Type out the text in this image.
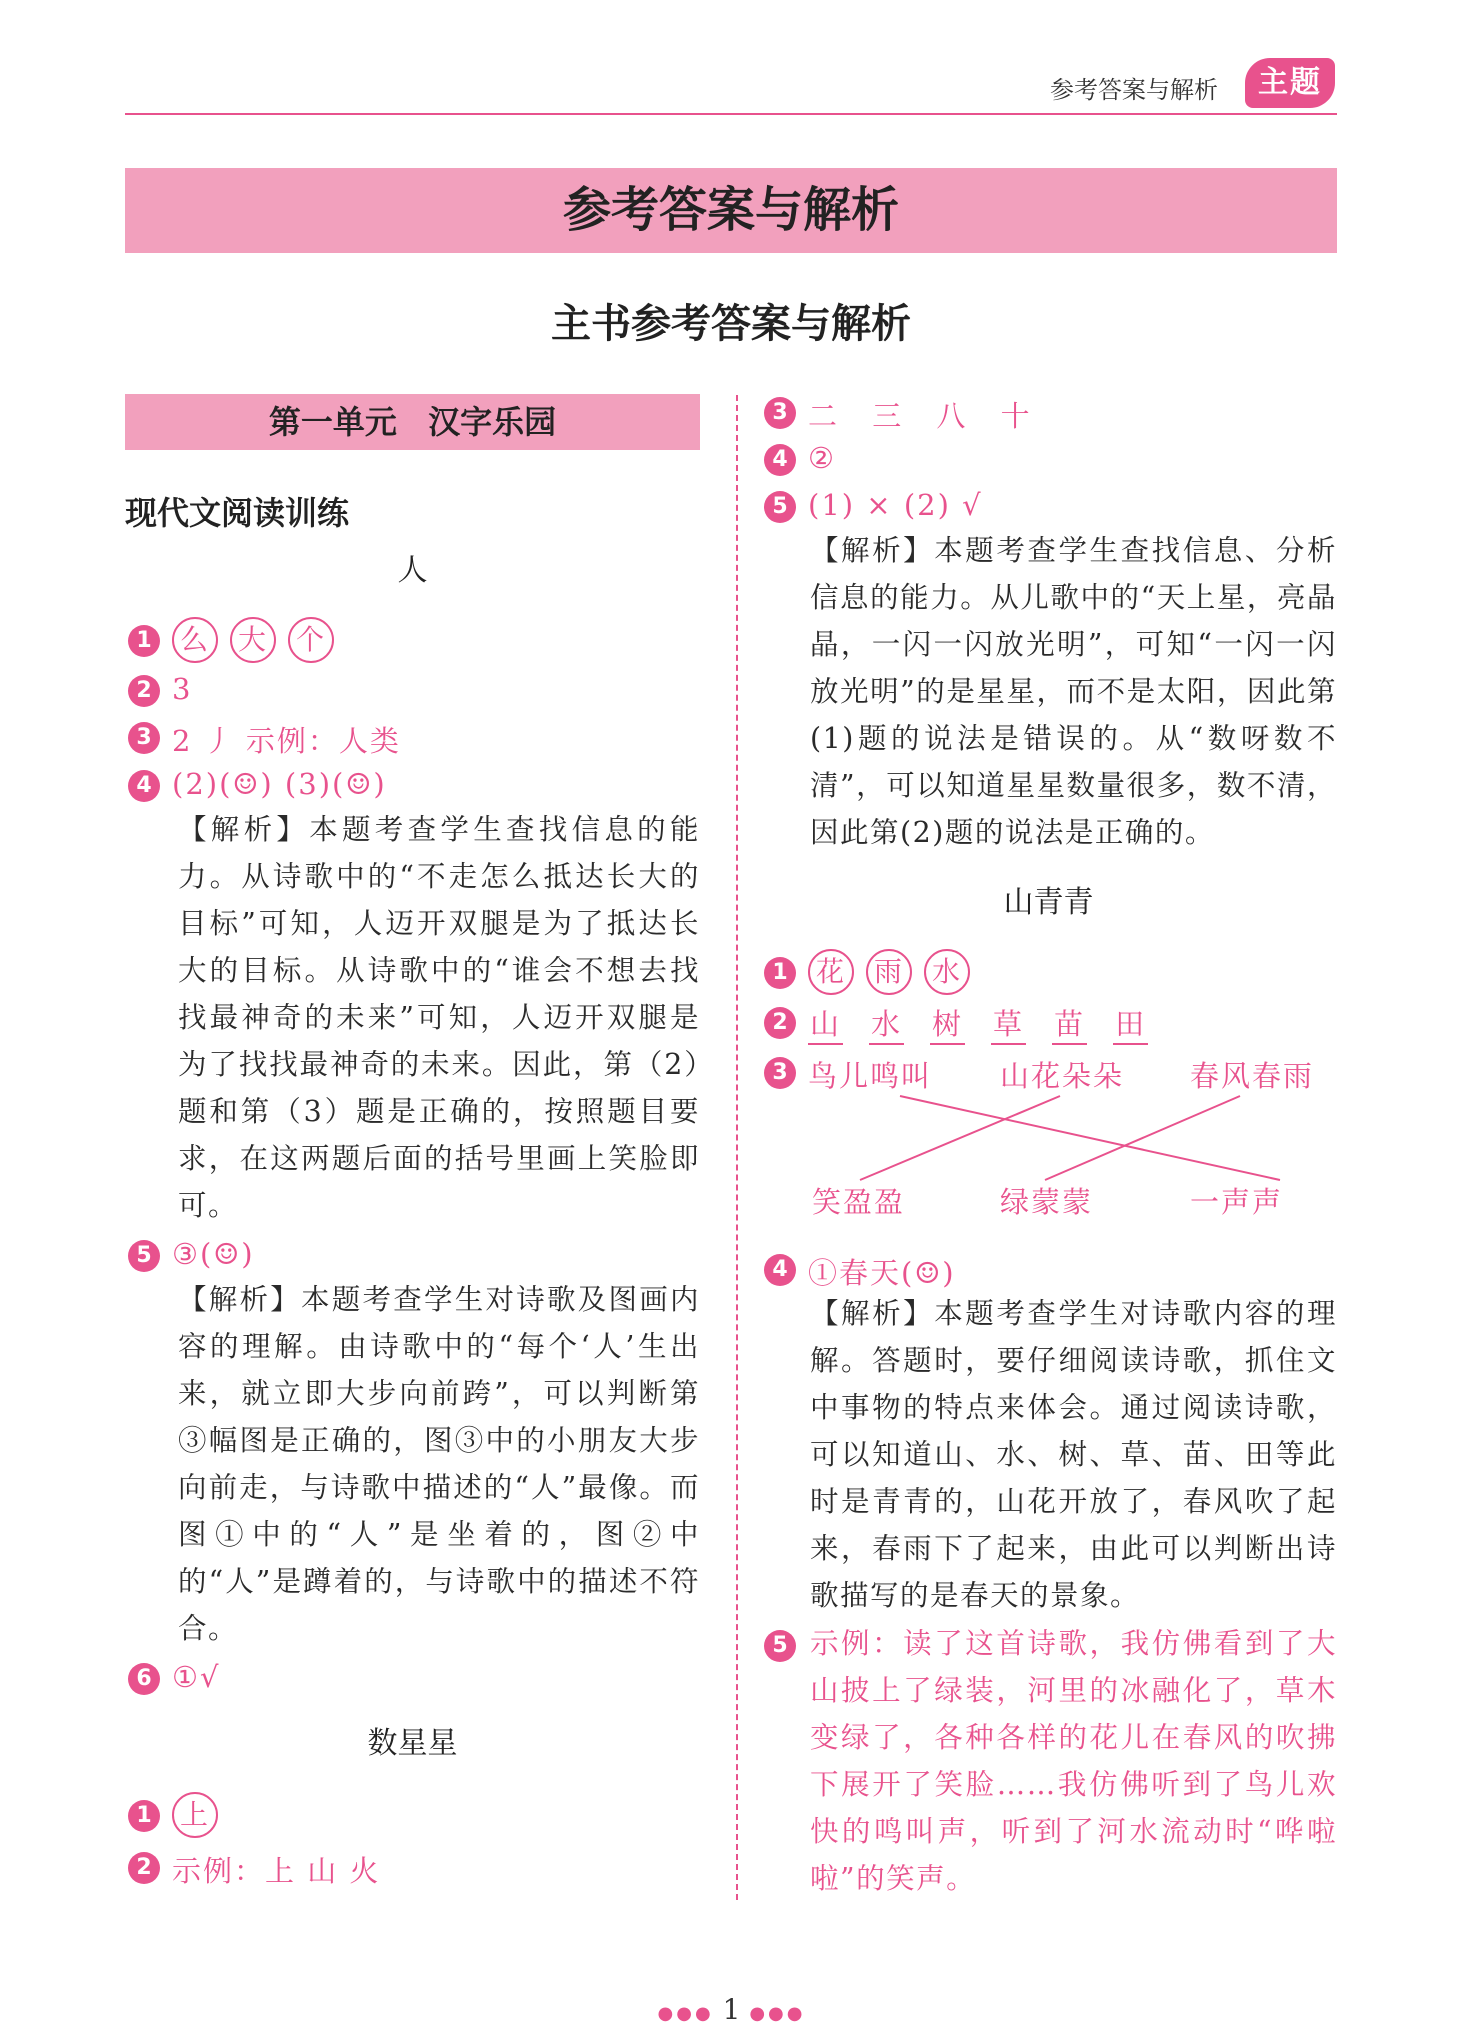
参考答案与解析	主题
参考答案与解析
主书参考答案与解析
第一单元 汉字乐园
现代文阅读训练
人
1 么 大 个
2 3
3 2 丿 示例：人类
4 (2)(☺) (3)(☺)
【解析】本题考查学生查找信息的能力。从诗歌中的“不走怎么抵达长大的目标”可知，人迈开双腿是为了抵达长大的目标。从诗歌中的“谁会不想去找找最神奇的未来”可知，人迈开双腿是为了找找最神奇的未来。因此，第（2）题和第（3）题是正确的，按照题目要求，在这两题后面的括号里画上笑脸即可。
5 ③(☺)
【解析】本题考查学生对诗歌及图画内容的理解。由诗歌中的“每个‘人’生出来，就立即大步向前跨”，可以判断第③幅图是正确的，图③中的小朋友大步向前走，与诗歌中描述的“人”最像。而图①中的“人”是坐着的，图②中的“人”是蹲着的，与诗歌中的描述不符合。
6 ①√
数星星
1 上
2 示例：上 山 火
3 二 三 八 十
4 ②
5 (1) × (2) √
【解析】本题考查学生查找信息、分析信息的能力。从儿歌中的“天上星，亮晶晶，一闪一闪放光明”，可知“一闪一闪放光明”的是星星，而不是太阳，因此第(1)题的说法是错误的。从“数呀数不清”，可以知道星星数量很多，数不清，因此第(2)题的说法是正确的。
山青青
1 花 雨 水
2 山 水 树 草 苗 田
3 鸟儿鸣叫 山花朵朵 春风春雨
笑盈盈	绿蒙蒙	一声声
4 ①春天(☺)
【解析】本题考查学生对诗歌内容的理解。答题时，要仔细阅读诗歌，抓住文中事物的特点来体会。通过阅读诗歌，可以知道山、水、树、草、苗、田等此时是青青的，山花开放了，春风吹了起来，春雨下了起来，由此可以判断出诗歌描写的是春天的景象。
5 示例：读了这首诗歌，我仿佛看到了大山披上了绿装，河里的冰融化了，草木变绿了，各种各样的花儿在春风的吹拂下展开了笑脸……我仿佛听到了鸟儿欢快的鸣叫声，听到了河水流动时“哗啦啦”的笑声。
●●● 1 ●●●
